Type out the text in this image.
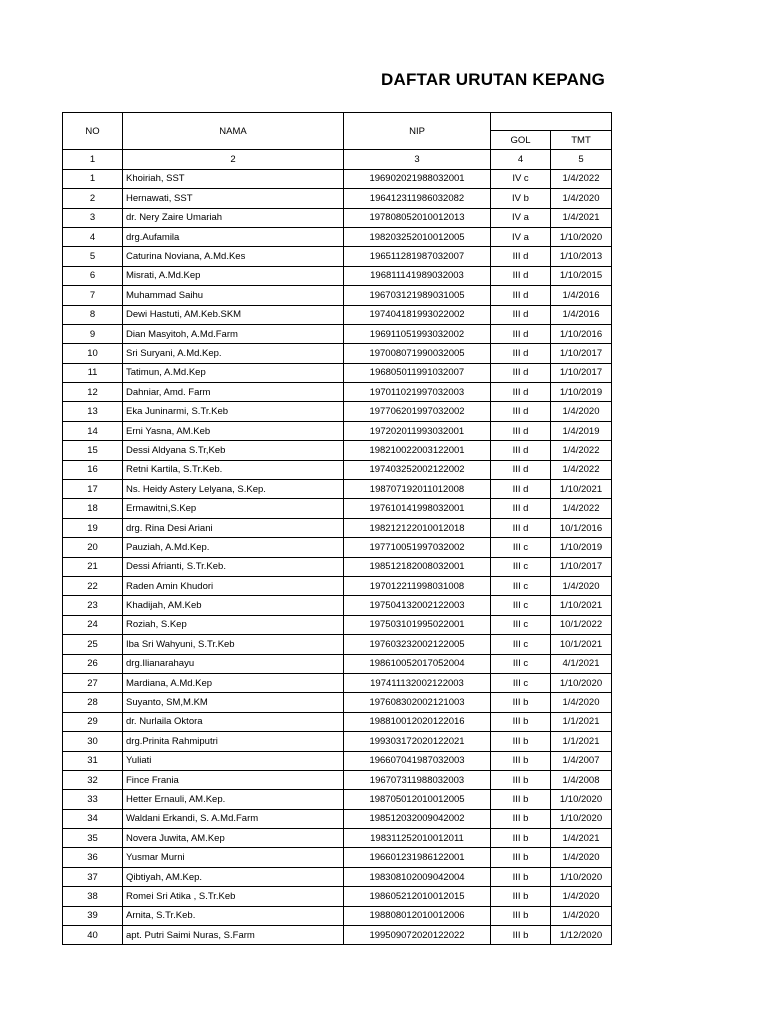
DAFTAR URUTAN KEPANG
NO	NAMA	NIP		
			GOL	TMT
1	2	3	4	5
1	Khoiriah, SST	196902021988032001	IV c	1/4/2022
2	Hernawati, SST	196412311986032082	IV b	1/4/2020
3	dr. Nery Zaire Umariah	197808052010012013	IV a	1/4/2021
4	drg.Aufamila	198203252010012005	IV a	1/10/2020
5	Caturina Noviana, A.Md.Kes	196511281987032007	III d	1/10/2013
6	Misrati, A.Md.Kep	196811141989032003	III d	1/10/2015
7	Muhammad Saihu	196703121989031005	III d	1/4/2016
8	Dewi Hastuti, AM.Keb.SKM	197404181993022002	III d	1/4/2016
9	Dian Masyitoh, A.Md.Farm	196911051993032002	III d	1/10/2016
10	Sri Suryani, A.Md.Kep.	197008071990032005	III d	1/10/2017
11	Tatimun, A.Md.Kep	196805011991032007	III d	1/10/2017
12	Dahniar, Amd. Farm	197011021997032003	III d	1/10/2019
13	Eka Juninarmi, S.Tr.Keb	197706201997032002	III d	1/4/2020
14	Erni Yasna, AM.Keb	197202011993032001	III d	1/4/2019
15	Dessi Aldyana S.Tr,Keb	198210022003122001	III d	1/4/2022
16	Retni Kartila, S.Tr.Keb.	197403252002122002	III d	1/4/2022
17	Ns. Heidy Astery Lelyana, S.Kep.	198707192011012008	III d	1/10/2021
18	Ermawitni,S.Kep	197610141998032001	III d	1/4/2022
19	drg. Rina Desi Ariani	198212122010012018	III d	10/1/2016
20	Pauziah, A.Md.Kep.	197710051997032002	III c	1/10/2019
21	Dessi Afrianti, S.Tr.Keb.	198512182008032001	III c	1/10/2017
22	Raden Amin Khudori	197012211998031008	III c	1/4/2020
23	Khadijah, AM.Keb	197504132002122003	III c	1/10/2021
24	Roziah, S.Kep	197503101995022001	III c	10/1/2022
25	Iba Sri Wahyuni, S.Tr.Keb	197603232002122005	III c	10/1/2021
26	drg.Ilianarahayu	198610052017052004	III c	4/1/2021
27	Mardiana, A.Md.Kep	197411132002122003	III c	1/10/2020
28	Suyanto, SM,M.KM	197608302002121003	III b	1/4/2020
29	dr. Nurlaila Oktora	198810012020122016	III b	1/1/2021
30	drg.Prinita Rahmiputri	199303172020122021	III b	1/1/2021
31	Yuliati	196607041987032003	III b	1/4/2007
32	Fince Frania	196707311988032003	III b	1/4/2008
33	Hetter Ernauli, AM.Kep.	198705012010012005	III b	1/10/2020
34	Waldani Erkandi, S. A.Md.Farm	198512032009042002	III b	1/10/2020
35	Novera Juwita, AM.Kep	198311252010012011	III b	1/4/2021
36	Yusmar Murni	196601231986122001	III b	1/4/2020
37	Qibtiyah, AM.Kep.	198308102009042004	III b	1/10/2020
38	Romei Sri Atika , S.Tr.Keb	198605212010012015	III b	1/4/2020
39	Arnita, S.Tr.Keb.	198808012010012006	III b	1/4/2020
40	apt. Putri Saimi Nuras, S.Farm	199509072020122022	III b	1/12/2020
